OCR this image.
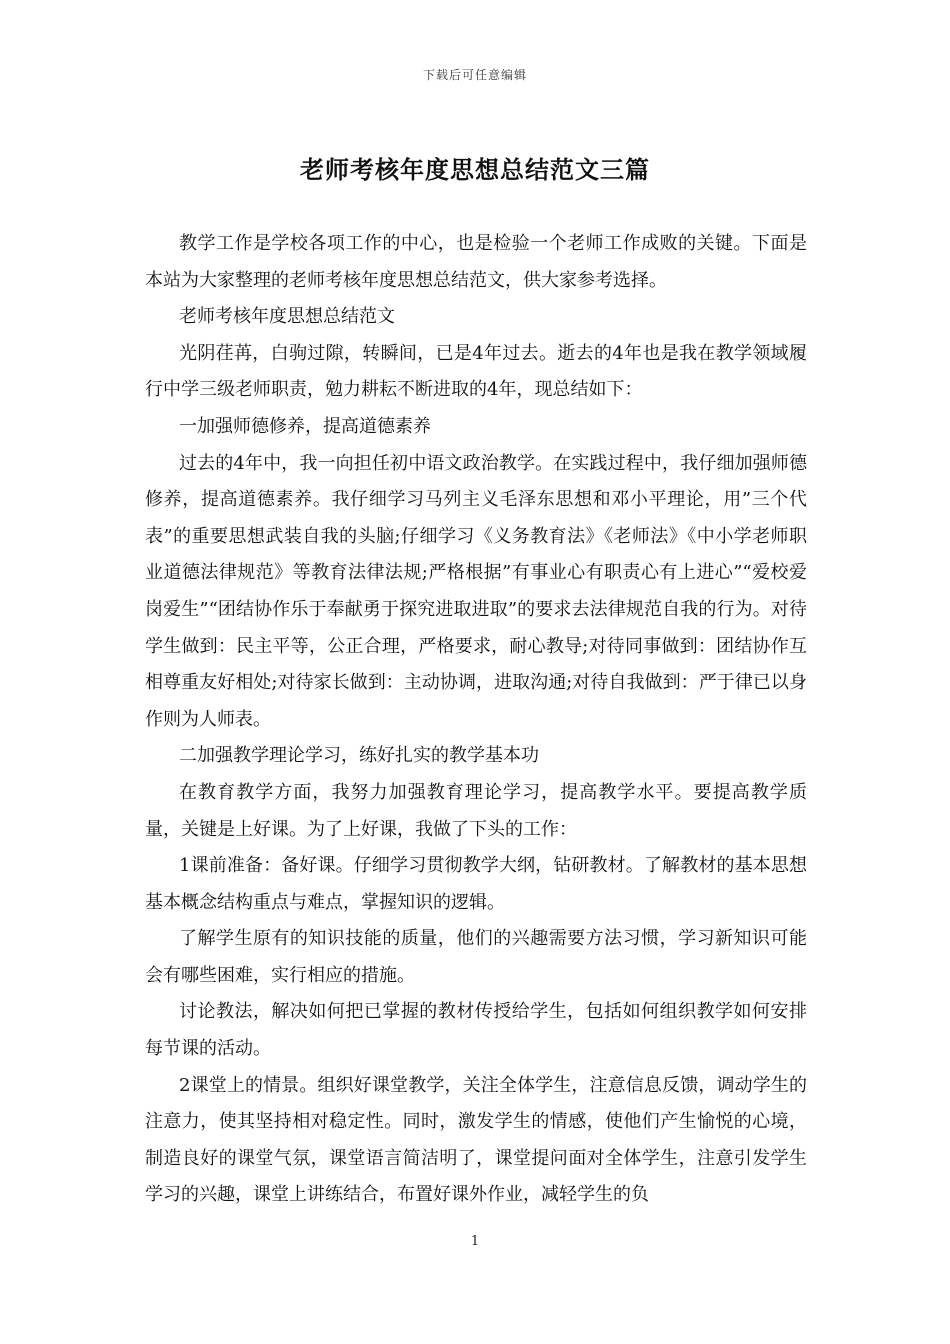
下载后可任意编辑
老师考核年度思想总结范文三篇

教学工作是学校各项工作的中心，也是检验一个老师工作成败的关键。下面是本站为大家整理的老师考核年度思想总结范文，供大家参考选择。

老师考核年度思想总结范文

光阴荏苒，白驹过隙，转瞬间，已是4年过去。逝去的4年也是我在教学领域履行中学三级老师职责，勉力耕耘不断进取的4年，现总结如下：

一加强师德修养，提高道德素养

过去的4年中，我一向担任初中语文政治教学。在实践过程中，我仔细加强师德修养，提高道德素养。我仔细学习马列主义毛泽东思想和邓小平理论，用”三个代表”的重要思想武装自我的头脑;仔细学习《义务教育法》《老师法》《中小学老师职业道德法律规范》等教育法律法规;严格根据”有事业心有职责心有上进心”“爱校爱岗爱生”“团结协作乐于奉献勇于探究进取进取”的要求去法律规范自我的行为。对待学生做到：民主平等，公正合理，严格要求，耐心教导;对待同事做到：团结协作互相尊重友好相处;对待家长做到：主动协调，进取沟通;对待自我做到：严于律已以身作则为人师表。

二加强教学理论学习，练好扎实的教学基本功

在教育教学方面，我努力加强教育理论学习，提高教学水平。要提高教学质量，关键是上好课。为了上好课，我做了下头的工作：

1课前准备：备好课。仔细学习贯彻教学大纲，钻研教材。了解教材的基本思想基本概念结构重点与难点，掌握知识的逻辑。

了解学生原有的知识技能的质量，他们的兴趣需要方法习惯，学习新知识可能会有哪些困难，实行相应的措施。

讨论教法，解决如何把已掌握的教材传授给学生，包括如何组织教学如何安排每节课的活动。

2课堂上的情景。组织好课堂教学，关注全体学生，注意信息反馈，调动学生的注意力，使其坚持相对稳定性。同时，激发学生的情感，使他们产生愉悦的心境，制造良好的课堂气氛，课堂语言简洁明了，课堂提问面对全体学生，注意引发学生学习的兴趣，课堂上讲练结合，布置好课外作业，减轻学生的负

1
